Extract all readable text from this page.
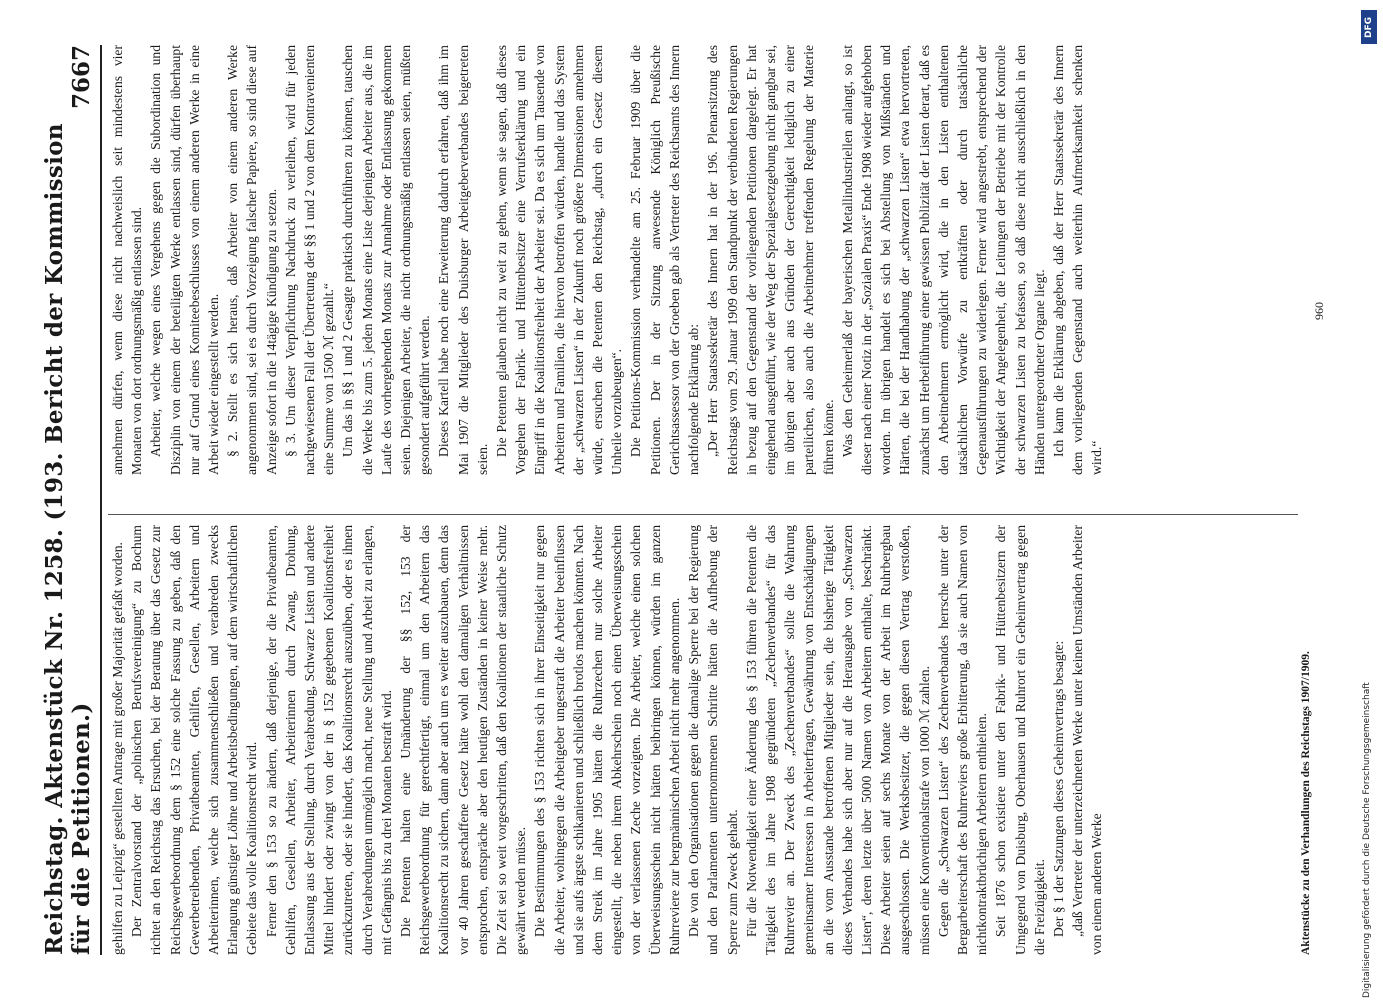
Reichstag. Aktenstück Nr. 1258. (193. Bericht der Kommission für die Petitionen.)
7667

gehilfen zu Leipzig“ gestellten Antrage mit großer Majorität gefaßt worden. Der Zentralvorstand der „polnischen Berufsvereinigung“ zu Bochum richtet an den Reichstag das Ersuchen, bei der Beratung über das Gesetz zur Reichsgewerbeordnung dem § 152 eine solche Fassung zu geben, daß den Gewerbetreibenden, Privatbeamten, Gehilfen, Gesellen, Arbeitern und Arbeiterinnen, welche sich zusammenschließen und verabreden zwecks Erlangung günstiger Löhne und Arbeitsbedingungen, auf dem wirtschaftlichen Gebiete das volle Koalitionsrecht wird. Ferner den § 153 so zu ändern, daß derjenige, der die Privatbeamten, Gehilfen, Gesellen, Arbeiter, Arbeiterinnen durch Zwang, Drohung, Entlassung aus der Stellung, durch Verabredung, Schwarze Listen und andere Mittel hindert oder zwingt von der in § 152 gegebenen Koalitionsfreiheit zurückzutreten, oder sie hindert, das Koalitionsrecht auszuüben, oder es ihnen durch Verabredungen unmöglich macht, neue Stellung und Arbeit zu erlangen, mit Gefängnis bis zu drei Monaten bestraft wird. Die Petenten halten eine Umänderung der §§ 152, 153 der Reichsgewerbeordnung für gerechtfertigt, einmal um den Arbeitern das Koalitionsrecht zu sichern, dann aber auch um es weiter auszubauen, denn das vor 40 Jahren geschaffene Gesetz hätte wohl den damaligen Verhältnissen entsprochen, entspräche aber den heutigen Zuständen in keiner Weise mehr. Die Zeit sei so weit vorgeschritten, daß den Koalitionen der staatliche Schutz gewährt werden müsse. Die Bestimmungen des § 153 richten sich in ihrer Einseitigkeit nur gegen die Arbeiter, wohingegen die Arbeitgeber ungestraft die Arbeiter beeinflussen und sie aufs ärgste schikanieren und schließlich brotlos machen könnten. Nach dem Streik im Jahre 1905 hätten die Ruhrzechen nur solche Arbeiter eingestellt, die neben ihrem Abkehrschein noch einen Überweisungsschein von der verlassenen Zeche vorzeigten. Die Arbeiter, welche einen solchen Überweisungsschein nicht hätten beibringen können, würden im ganzen Ruhrreviere zur bergmännischen Arbeit nicht mehr angenommen. Die von den Organisationen gegen die damalige Sperre bei der Regierung und den Parlamenten unternommenen Schritte hätten die Aufhebung der Sperre zum Zweck gehabt. Für die Notwendigkeit einer Änderung des § 153 führen die Petenten die Tätigkeit des im Jahre 1908 gegründeten „Zechenverbandes“ für das Ruhrrevier an. Der Zweck des „Zechenverbandes“ sollte die Wahrung gemeinsamer Interessen in Arbeiterfragen, Gewährung von Entschädigungen an die vom Ausstande betroffenen Mitglieder sein, die bisherige Tätigkeit dieses Verbandes habe sich aber nur auf die Herausgabe von „Schwarzen Listen“, deren letzte über 5000 Namen von Arbeitern enthalte, beschränkt. Diese Arbeiter seien auf sechs Monate von der Arbeit im Ruhrbergbau ausgeschlossen. Die Werksbesitzer, die gegen diesen Vertrag verstoßen, müssen eine Konventionalstrafe von 1000 ℳ zahlen. Gegen die „Schwarzen Listen“ des Zechenverbandes herrsche unter der Bergarbeiterschaft des Ruhrreviers große Erbitterung, da sie auch Namen von nichtkontraktbrüchigen Arbeitern enthielten. Seit 1876 schon existiere unter den Fabrik- und Hüttenbesitzern der Umgegend von Duisburg, Oberhausen und Ruhrort ein Geheimvertrag gegen die Freizügigkeit. Der § 1 der Satzungen dieses Geheimvertrags besagte: „daß Vertreter der unterzeichneten Werke unter keinen Umständen Arbeiter von einem anderen Werke

annehmen dürfen, wenn diese nicht nachweislich seit mindestens vier Monaten von dort ordnungsmäßig entlassen sind. Arbeiter, welche wegen eines Vergehens gegen die Subordination und Disziplin von einem der beteiligten Werke entlassen sind, dürfen überhaupt nur auf Grund eines Komiteebeschlusses von einem anderen Werke in eine Arbeit wieder eingestellt werden. § 2. Stellt es sich heraus, daß Arbeiter von einem anderen Werke angenommen sind, sei es durch Vorzeigung falscher Papiere, so sind diese auf Anzeige sofort in die 14tägige Kündigung zu setzen. § 3. Um dieser Verpflichtung Nachdruck zu verleihen, wird für jeden nachgewiesenen Fall der Übertretung der §§ 1 und 2 von dem Kontravenienten eine Summe von 1500 ℳ gezahlt.“ Um das in §§ 1 und 2 Gesagte praktisch durchführen zu können, tauschen die Werke bis zum 5. jeden Monats eine Liste derjenigen Arbeiter aus, die im Laufe des vorhergehenden Monats zur Annahme oder Entlassung gekommen seien. Diejenigen Arbeiter, die nicht ordnungsmäßig entlassen seien, müßten gesondert aufgeführt werden. Dieses Kartell habe noch eine Erweiterung dadurch erfahren, daß ihm im Mai 1907 die Mitglieder des Duisburger Arbeitgeberverbandes beigetreten seien.

Die Petenten glauben nicht zu weit zu gehen, wenn sie sagen, daß dieses Vorgehen der Fabrik- und Hüttenbesitzer eine Verrufserklärung und ein Eingriff in die Koalitionsfreiheit der Arbeiter sei. Da es sich um Tausende von Arbeitern und Familien, die hiervon betroffen würden, handle und das System der „schwarzen Listen“ in der Zukunft noch größere Dimensionen annehmen würde, ersuchen die Petenten den Reichstag, „durch ein Gesetz diesem Unheile vorzubeugen“. Die Petitions-Kommission verhandelte am 25. Februar 1909 über die Petitionen. Der in der Sitzung anwesende Königlich Preußische Gerichtsassessor von der Groeben gab als Vertreter des Reichsamts des Innern nachfolgende Erklärung ab: „Der Herr Staatssekretär des Innern hat in der 196. Plenarsitzung des Reichstags vom 29. Januar 1909 den Standpunkt der verbündeten Regierungen in bezug auf den Gegenstand der vorliegenden Petitionen dargelegt. Er hat eingehend ausgeführt, wie der Weg der Spezialgesetzgebung nicht gangbar sei, im übrigen aber auch aus Gründen der Gerechtigkeit lediglich zu einer parteilichen, also auch die Arbeitnehmer treffenden Regelung der Materie führen könne. Was den Geheimerlaß der bayerischen Metallindustriellen anlangt, so ist dieser nach einer Notiz in der „Sozialen Praxis“ Ende 1908 wieder aufgehoben worden. Im übrigen handelt es sich bei Abstellung von Mißständen und Härten, die bei der Handhabung der „schwarzen Listen“ etwa hervortreten, zunächst um Herbeiführung einer gewissen Publizität der Listen derart, daß es den Arbeitnehmern ermöglicht wird, die in den Listen enthaltenen tatsächlichen Vorwürfe zu entkräften oder durch tatsächliche Gegenausführungen zu widerlegen. Ferner wird angestrebt, entsprechend der Wichtigkeit der Angelegenheit, die Leitungen der Betriebe mit der Kontrolle der schwarzen Listen zu befassen, so daß diese nicht ausschließlich in den Händen untergeordneter Organe liegt. Ich kann die Erklärung abgeben, daß der Herr Staatssekretär des Innern dem vorliegenden Gegenstand auch weiterhin Aufmerksamkeit schenken wird.“

Aktenstücke zu den Verhandlungen des Reichstags 1907/1909.
960
DFG
Digitalisierung gefördert durch die Deutsche Forschungsgemeinschaft
